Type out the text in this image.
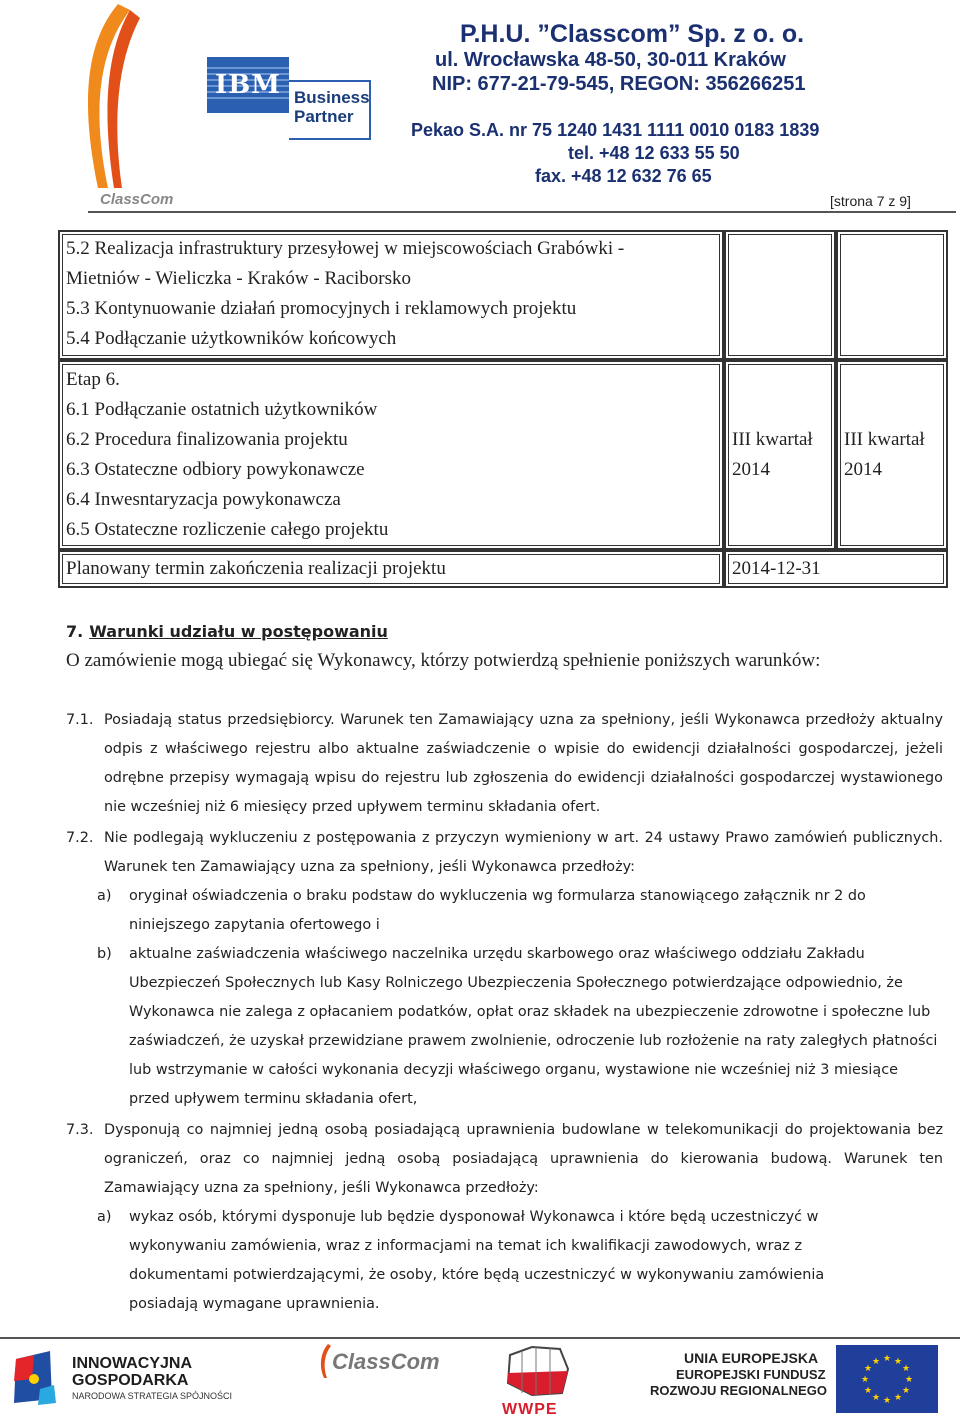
IBM Business
Partner
ClassCom
P.H.U. ”Classcom” Sp. z o. o.
ul. Wrocławska 48-50, 30-011 Kraków
NIP: 677-21-79-545, REGON: 356266251
Pekao S.A. nr 75 1240 1431 1111 0010 0183 1839
tel. +48 12 633 55 50
fax. +48 12 632 76 65
[strona 7 z 9]
5.2 Realizacja infrastruktury przesyłowej w miejscowościach Grabówki -
Mietniów - Wieliczka - Kraków - Raciborsko
5.3 Kontynuowanie działań promocyjnych i reklamowych projektu
5.4 Podłączanie użytkowników końcowych
Etap 6.
6.1 Podłączanie ostatnich użytkowników
6.2 Procedura finalizowania projektu
6.3 Ostateczne odbiory powykonawcze
6.4 Inwesntaryzacja powykonawcza
6.5 Ostateczne rozliczenie całego projektu
III kwartał
2014
III kwartał
2014
Planowany termin zakończenia realizacji projektu	2014-12-31
7. Warunki udziału w postępowaniu
O zamówienie mogą ubiegać się Wykonawcy, którzy potwierdzą spełnienie poniższych warunków:
7.1. Posiadają status przedsiębiorcy. Warunek ten Zamawiający uzna za spełniony, jeśli Wykonawca przedłoży aktualny odpis z właściwego rejestru albo aktualne zaświadczenie o wpisie do ewidencji działalności gospodarczej, jeżeli odrębne przepisy wymagają wpisu do rejestru lub zgłoszenia do ewidencji działalności gospodarczej wystawionego nie wcześniej niż 6 miesięcy przed upływem terminu składania ofert.
7.2. Nie podlegają wykluczeniu z postępowania z przyczyn wymieniony w art. 24 ustawy Prawo zamówień publicznych. Warunek ten Zamawiający uzna za spełniony, jeśli Wykonawca przedłoży:
a) oryginał oświadczenia o braku podstaw do wykluczenia wg formularza stanowiącego załącznik nr 2 do niniejszego zapytania ofertowego i
b) aktualne zaświadczenia właściwego naczelnika urzędu skarbowego oraz właściwego oddziału Zakładu Ubezpieczeń Społecznych lub Kasy Rolniczego Ubezpieczenia Społecznego potwierdzające odpowiednio, że Wykonawca nie zalega z opłacaniem podatków, opłat oraz składek na ubezpieczenie zdrowotne i społeczne lub zaświadczeń, że uzyskał przewidziane prawem zwolnienie, odroczenie lub rozłożenie na raty zaległych płatności lub wstrzymanie w całości wykonania decyzji właściwego organu, wystawione nie wcześniej niż 3 miesiące przed upływem terminu składania ofert,
7.3. Dysponują co najmniej jedną osobą posiadającą uprawnienia budowlane w telekomunikacji do projektowania bez ograniczeń, oraz co najmniej jedną osobą posiadającą uprawnienia do kierowania budową. Warunek ten Zamawiający uzna za spełniony, jeśli Wykonawca przedłoży:
a) wykaz osób, którymi dysponuje lub będzie dysponował Wykonawca i które będą uczestniczyć w wykonywaniu zamówienia, wraz z informacjami na temat ich kwalifikacji zawodowych, wraz z dokumentami potwierdzającymi, że osoby, które będą uczestniczyć w wykonywaniu zamówienia posiadają wymagane uprawnienia.
INNOWACYJNA
GOSPODARKA
NARODOWA STRATEGIA SPÓJNOŚCI
ClassCom
WWPE
UNIA EUROPEJSKA
EUROPEJSKI FUNDUSZ
ROZWOJU REGIONALNEGO
★ ★
★
★
★
★
★
★
★
★
★
★
